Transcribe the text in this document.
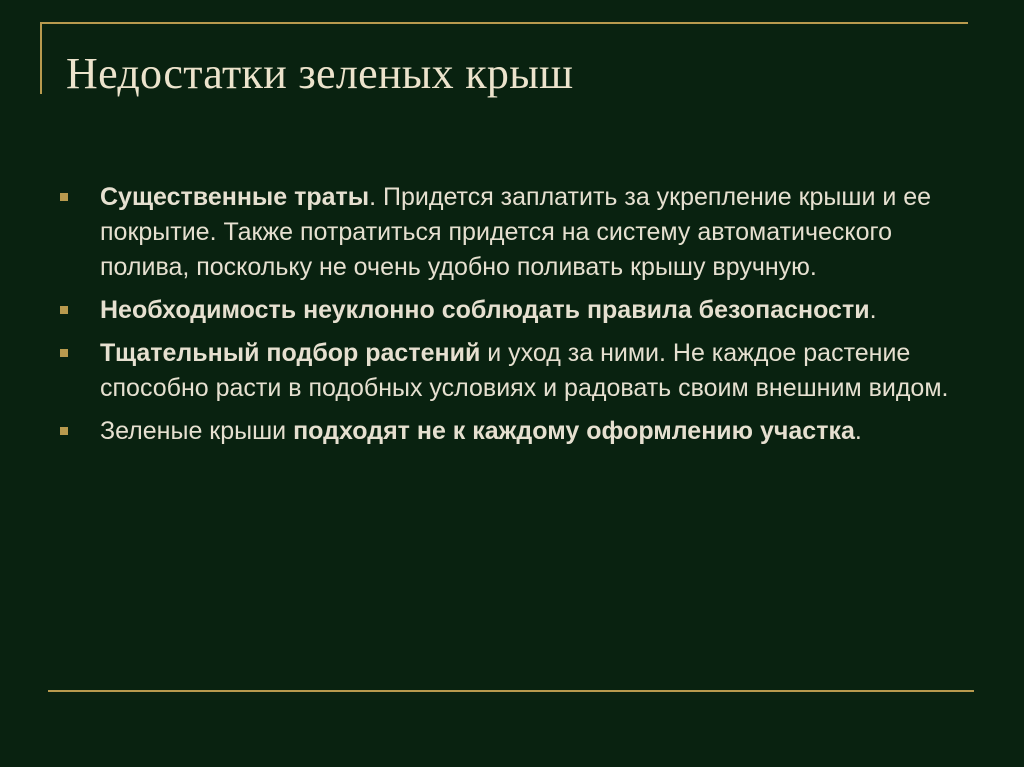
Недостатки зеленых крыш
Существенные траты. Придется заплатить за укрепление крыши и ее покрытие. Также потратиться придется на систему автоматического полива, поскольку не очень удобно поливать крышу вручную.
Необходимость неуклонно соблюдать правила безопасности.
Тщательный подбор растений и уход за ними. Не каждое растение способно расти в подобных условиях и радовать своим внешним видом.
Зеленые крыши подходят не к каждому оформлению участка.
